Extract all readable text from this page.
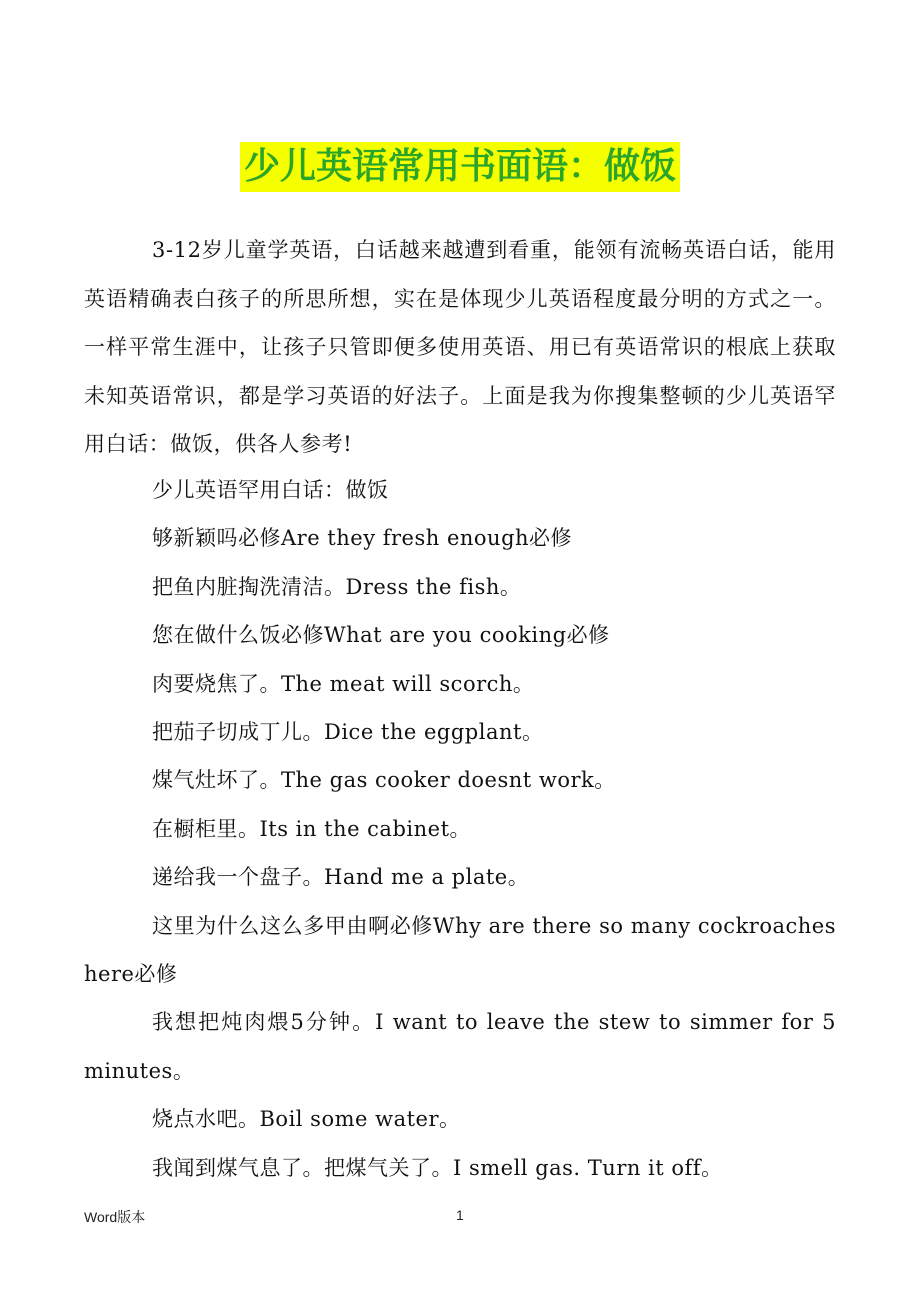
少儿英语常用书面语：做饭

3-12岁儿童学英语，白话越来越遭到看重，能领有流畅英语白话，能用英语精确表白孩子的所思所想，实在是体现少儿英语程度最分明的方式之一。一样平常生涯中，让孩子只管即便多使用英语、用已有英语常识的根底上获取未知英语常识，都是学习英语的好法子。上面是我为你搜集整顿的少儿英语罕用白话：做饭，供各人参考!

少儿英语罕用白话：做饭
够新颖吗必修Are they fresh enough必修
把鱼内脏掏洗清洁。Dress the fish。
您在做什么饭必修What are you cooking必修
肉要烧焦了。The meat will scorch。
把茄子切成丁儿。Dice the eggplant。
煤气灶坏了。The gas cooker doesnt work。
在橱柜里。Its in the cabinet。
递给我一个盘子。Hand me a plate。
这里为什么这么多甲由啊必修Why are there so many cockroaches here必修
我想把炖肉煨5分钟。I want to leave the stew to simmer for 5 minutes。
烧点水吧。Boil some water。
我闻到煤气息了。把煤气关了。I smell gas. Turn it off。
Word版本	1
